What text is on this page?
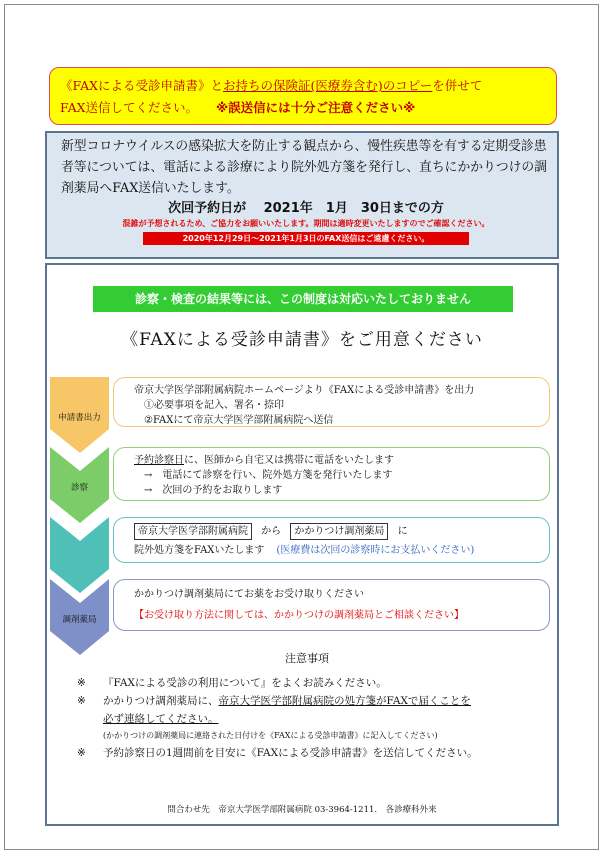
《FAXによる受診申請書》とお持ちの保険証(医療券含む)のコピーを併せて
FAX送信してください。 ※誤送信には十分ご注意ください※
新型コロナウイルスの感染拡大を防止する観点から、慢性疾患等を有する定期受診患者等については、電話による診療により院外処方箋を発行し、直ちにかかりつけの調剤薬局へFAX送信いたします。
次回予約日が　 2021年　1月　30日までの方
混雑が予想されるため、ご協力をお願いいたします。期間は適時変更いたしますのでご確認ください。
2020年12月29日～2021年1月3日のFAX送信はご遠慮ください。
診察・検査の結果等には、この制度は対応いたしておりません
《FAXによる受診申請書》をご用意ください
申請書出力
帝京大学医学部附属病院ホームページより《FAXによる受診申請書》を出力
①必要事項を記入、署名・捺印
②FAXにて帝京大学医学部附属病院へ送信
診察
予約診察日に、医師から自宅又は携帯に電話をいたします
→　電話にて診察を行い、院外処方箋を発行いたします
→　次回の予約をお取りします
帝京大学医学部附属病院 から かかりつけ調剤薬局 に
院外処方箋をFAXいたします (医療費は次回の診察時にお支払いください)
調剤薬局
かかりつけ調剤薬局にてお薬をお受け取りください
【お受け取り方法に関しては、かかりつけの調剤薬局とご相談ください】
注意事項
※	『FAXによる受診の利用について』をよくお読みください。
※	かかりつけ調剤薬局に、帝京大学医学部附属病院の処方箋がFAXで届くことを
必ず連絡してください。
(かかりつけの調剤薬局に連絡された日付けを《FAXによる受診申請書》に記入してください)
※	予約診察日の1週間前を目安に《FAXによる受診申請書》を送信してください。
問合わせ先　帝京大学医学部附属病院 03-3964-1211.　各診療科外来
